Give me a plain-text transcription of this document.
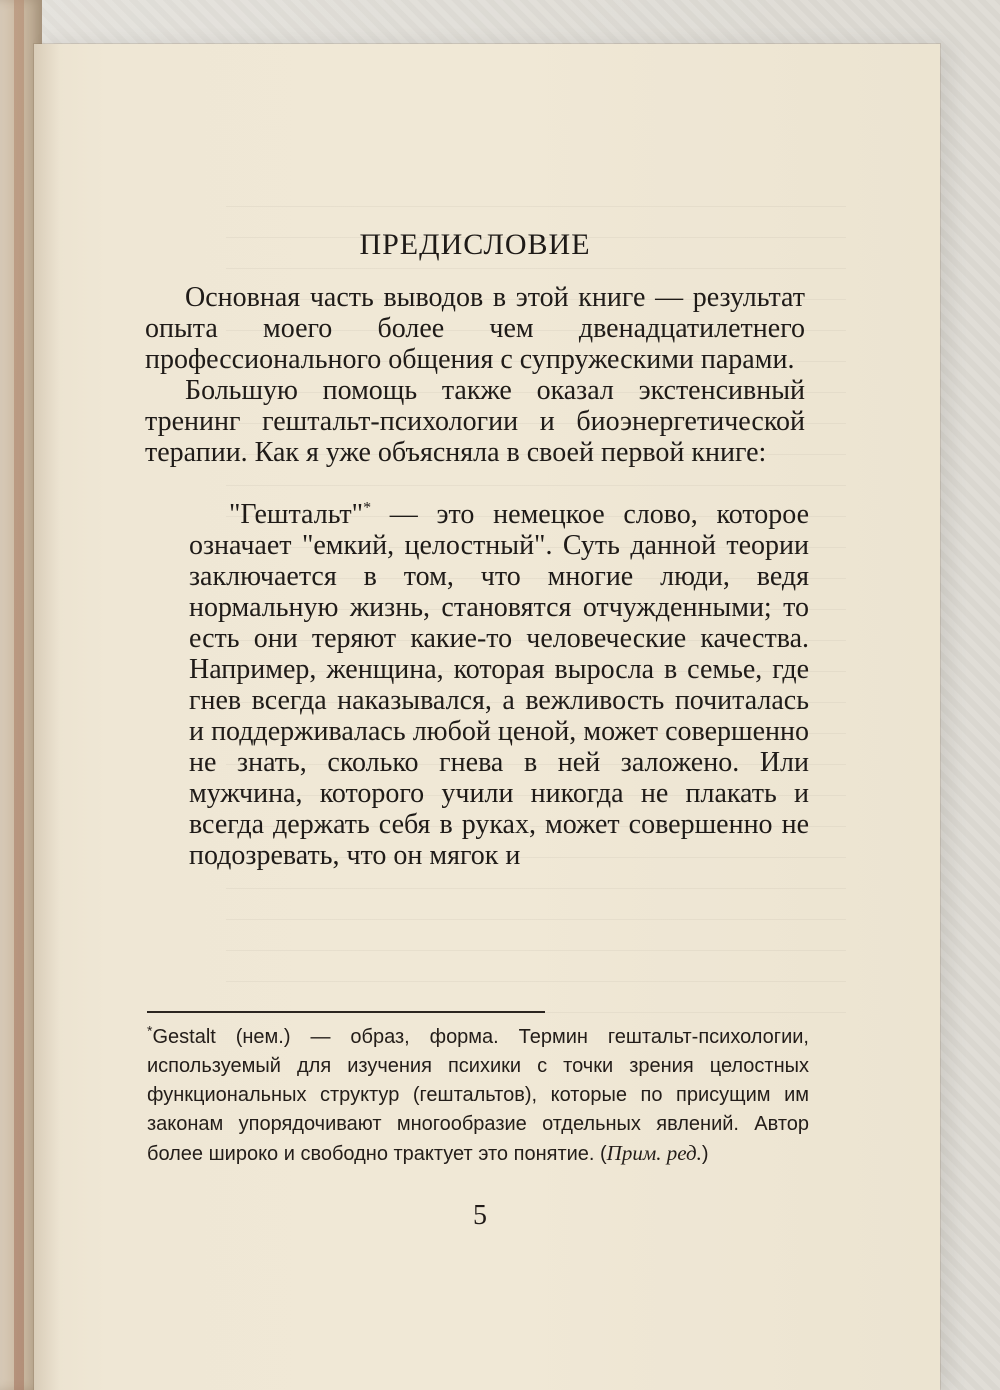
ПРЕДИСЛОВИЕ

Основная часть выводов в этой книге — результат опыта моего более чем двенадцатилетнего профессионального общения с супружескими парами.

Большую помощь также оказал экстенсивный тренинг гештальт-психологии и биоэнергетической терапии. Как я уже объясняла в своей первой книге:

"Гештальт"* — это немецкое слово, которое означает "емкий, целостный". Суть данной теории заключается в том, что многие люди, ведя нормальную жизнь, становятся отчужденными; то есть они теряют какие-то человеческие качества. Например, женщина, которая выросла в семье, где гнев всегда наказывался, а вежливость почиталась и поддерживалась любой ценой, может совершенно не знать, сколько гнева в ней заложено. Или мужчина, которого учили никогда не плакать и всегда держать себя в руках, может совершенно не подозревать, что он мягок и

*Gestalt (нем.) — образ, форма. Термин гештальт-психологии, используемый для изучения психики с точки зрения целостных функциональных структур (гештальтов), которые по присущим им законам упорядочивают многообразие отдельных явлений. Автор более широко и свободно трактует это понятие. (Прим. ред.)
5
